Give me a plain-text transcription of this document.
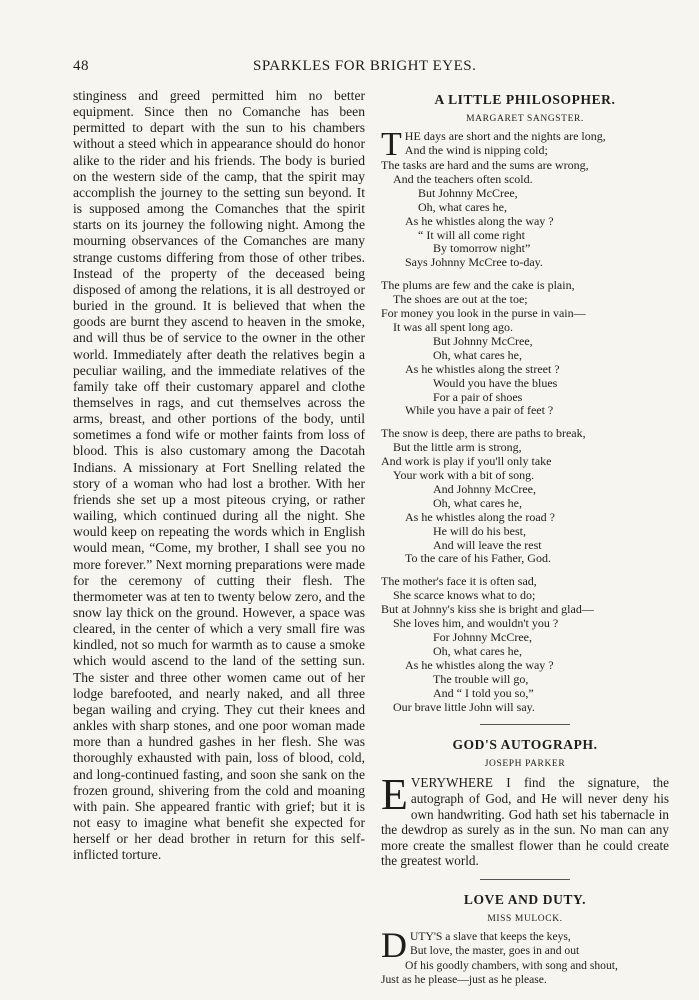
48	SPARKLES FOR BRIGHT EYES.
stinginess and greed permitted him no better equipment. Since then no Comanche has been permitted to depart with the sun to his chambers without a steed which in appearance should do honor alike to the rider and his friends. The body is buried on the western side of the camp, that the spirit may accomplish the journey to the setting sun beyond. It is supposed among the Comanches that the spirit starts on its journey the following night. Among the mourning observances of the Comanches are many strange customs differing from those of other tribes. Instead of the property of the deceased being disposed of among the relations, it is all destroyed or buried in the ground. It is believed that when the goods are burnt they ascend to heaven in the smoke, and will thus be of service to the owner in the other world. Immediately after death the relatives begin a peculiar wailing, and the immediate relatives of the family take off their customary apparel and clothe themselves in rags, and cut themselves across the arms, breast, and other portions of the body, until sometimes a fond wife or mother faints from loss of blood. This is also customary among the Dacotah Indians. A missionary at Fort Snelling related the story of a woman who had lost a brother. With her friends she set up a most piteous crying, or rather wailing, which continued during all the night. She would keep on repeating the words which in English would mean, “Come, my brother, I shall see you no more forever.” Next morning preparations were made for the ceremony of cutting their flesh. The thermometer was at ten to twenty below zero, and the snow lay thick on the ground. However, a space was cleared, in the center of which a very small fire was kindled, not so much for warmth as to cause a smoke which would ascend to the land of the setting sun. The sister and three other women came out of her lodge barefooted, and nearly naked, and all three began wailing and crying. They cut their knees and ankles with sharp stones, and one poor woman made more than a hundred gashes in her flesh. She was thoroughly exhausted with pain, loss of blood, cold, and long-continued fasting, and soon she sank on the frozen ground, shivering from the cold and moaning with pain. She appeared frantic with grief; but it is not easy to imagine what benefit she expected for herself or her dead brother in return for this self-inflicted torture.
A LITTLE PHILOSOPHER.
MARGARET SANGSTER.
T HE days are short and the nights are long,
And the wind is nipping cold;
The tasks are hard and the sums are wrong,
And the teachers often scold.
But Johnny McCree,
Oh, what cares he,
As he whistles along the way ?
“ It will all come right
By tomorrow night”
Says Johnny McCree to-day.
The plums are few and the cake is plain,
The shoes are out at the toe;
For money you look in the purse in vain—
It was all spent long ago.
But Johnny McCree,
Oh, what cares he,
As he whistles along the street ?
Would you have the blues
For a pair of shoes
While you have a pair of feet ?
The snow is deep, there are paths to break,
But the little arm is strong,
And work is play if you'll only take
Your work with a bit of song.
And Johnny McCree,
Oh, what cares he,
As he whistles along the road ?
He will do his best,
And will leave the rest
To the care of his Father, God.
The mother's face it is often sad,
She scarce knows what to do;
But at Johnny's kiss she is bright and glad—
She loves him, and wouldn't you ?
For Johnny McCree,
Oh, what cares he,
As he whistles along the way ?
The trouble will go,
And “ I told you so,”
Our brave little John will say.
GOD'S AUTOGRAPH.
JOSEPH PARKER
EVERYWHERE I find the signature, the autograph of God, and He will never deny his own handwriting. God hath set his tabernacle in the dewdrop as surely as in the sun. No man can any more create the smallest flower than he could create the greatest world.
LOVE AND DUTY.
MISS MULOCK.
D UTY'S a slave that keeps the keys,
But love, the master, goes in and out
Of his goodly chambers, with song and shout,
Just as he please—just as he please.
